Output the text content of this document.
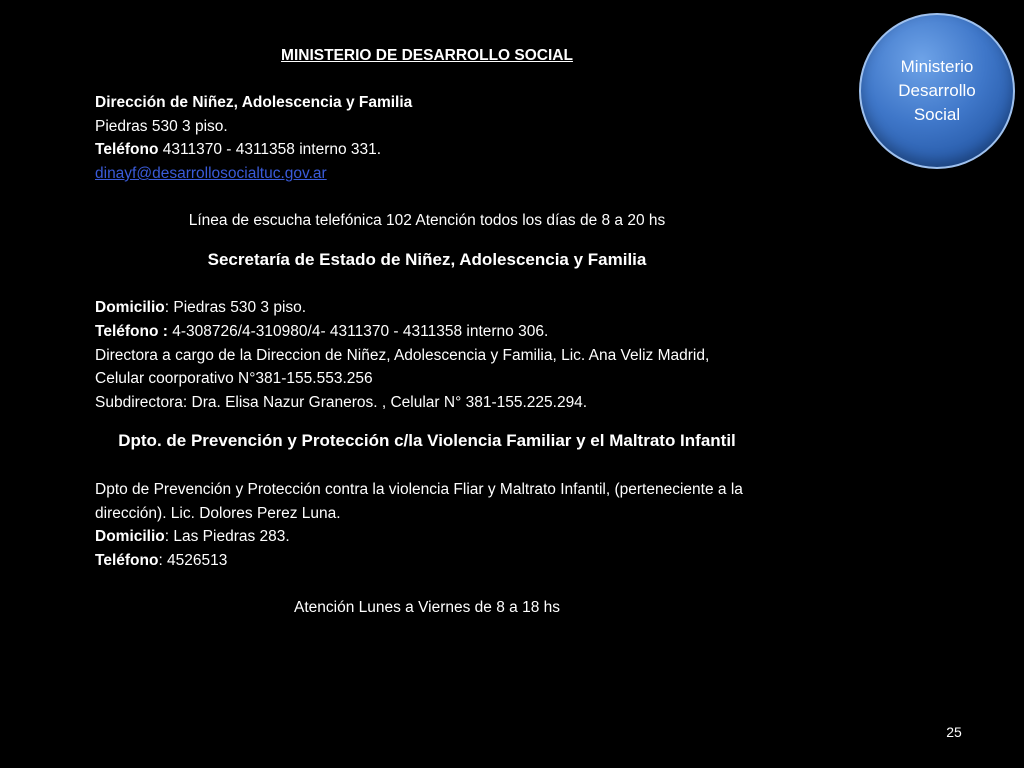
MINISTERIO DE DESARROLLO SOCIAL
Dirección de Niñez, Adolescencia y Familia
Piedras 530 3 piso.
Teléfono 4311370 - 4311358 interno 331.
dinayf@desarrollosocialtuc.gov.ar
Línea de escucha telefónica 102 Atención todos los días de 8 a 20 hs
Secretaría de Estado de Niñez, Adolescencia y Familia
Domicilio: Piedras 530 3 piso.
Teléfono : 4-308726/4-310980/4- 4311370 - 4311358 interno 306.
Directora a cargo de la Direccion de Niñez, Adolescencia y Familia, Lic. Ana Veliz Madrid, Celular coorporativo N°381-155.553.256
Subdirectora: Dra. Elisa Nazur Graneros. , Celular N° 381-155.225.294.
Dpto. de Prevención y Protección c/la Violencia Familiar y el Maltrato Infantil
Dpto de Prevención y Protección contra la violencia Fliar y Maltrato Infantil, (perteneciente a la dirección). Lic. Dolores Perez Luna.
Domicilio: Las Piedras 283.
Teléfono: 4526513
Atención Lunes a Viernes de 8 a 18 hs
Ministerio
Desarrollo
Social
25
